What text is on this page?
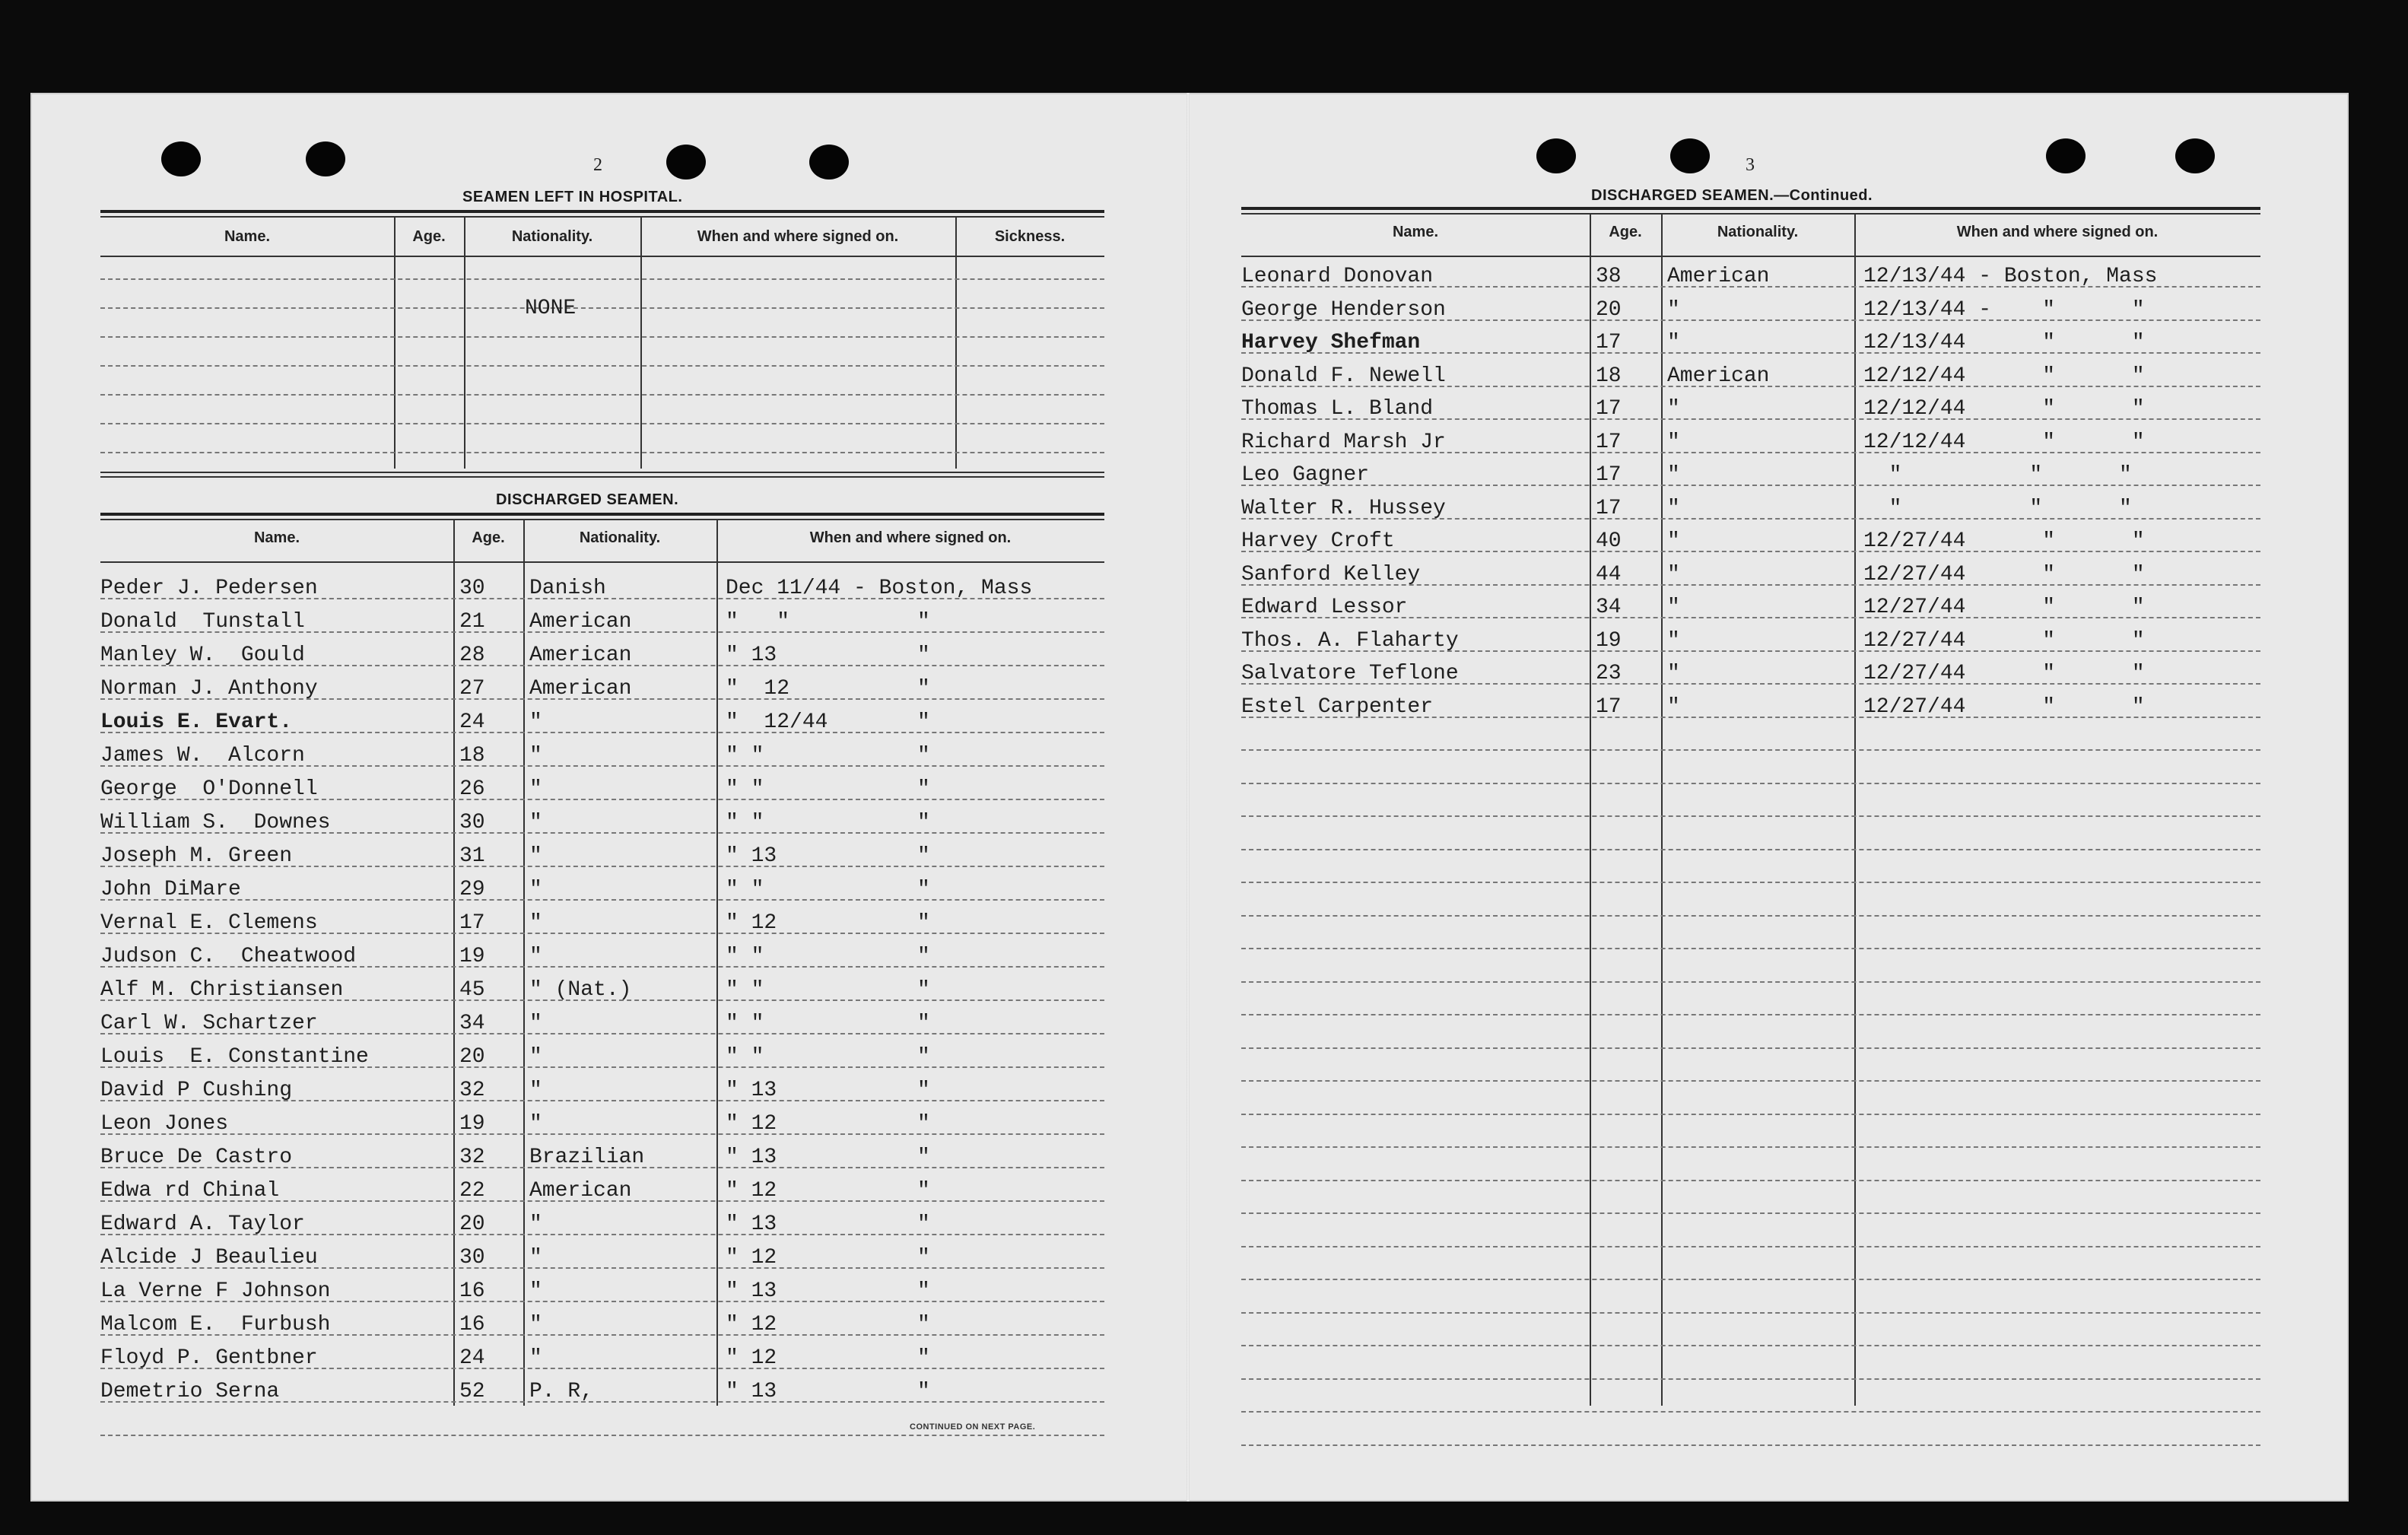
2
SEAMEN LEFT IN HOSPITAL.
Name.	Age.	Nationality.	When and where signed on.	Sickness.
NONE
DISCHARGED SEAMEN.
Name.	Age.	Nationality.	When and where signed on.
Peder J. Pedersen	30 Danish	Dec 11/44 - Boston, Mass
Donald  Tunstall	21 American	"   "          "
Manley W.  Gould	28 American	" 13           "
Norman J. Anthony	27 American	"  12          "
Louis E. Evart.	24 "	"  12/44       "
James W.  Alcorn	18 "	" "            "
George  O'Donnell	26 "	" "            "
William S.  Downes	30 "	" "            "
Joseph M. Green	31 "	" 13           "
John DiMare	29 "	" "            "
Vernal E. Clemens	17 "	" 12           "
Judson C.  Cheatwood	19 "	" "            "
Alf M. Christiansen	45 " (Nat.)	" "            "
Carl W. Schartzer	34 "	" "            "
Louis  E. Constantine	20 "	" "            "
David P Cushing	32 "	" 13           "
Leon Jones	19 "	" 12           "
Bruce De Castro	32 Brazilian	" 13           "
Edwa rd Chinal	22 American	" 12           "
Edward A. Taylor	20 "	" 13           "
Alcide J Beaulieu	30 "	" 12           "
La Verne F Johnson	16 "	" 13           "
Malcom E.  Furbush	16 "	" 12           "
Floyd P. Gentbner	24 "	" 12           "
Demetrio Serna	52 P. R,	" 13           "
CONTINUED ON NEXT PAGE.
3
DISCHARGED SEAMEN.—Continued.
Name.	Age.	Nationality.	When and where signed on.
Leonard Donovan	38 American	12/13/44 - Boston, Mass
George Henderson	20 "	12/13/44 -    "      "
Harvey Shefman	17 "	12/13/44      "      "
Donald F. Newell	18 American	12/12/44      "      "
Thomas L. Bland	17 "	12/12/44      "      "
Richard Marsh Jr	17 "	12/12/44      "      "
Leo Gagner	17 "	"          "      "
Walter R. Hussey	17 "	"          "      "
Harvey Croft	40 "	12/27/44      "      "
Sanford Kelley	44 "	12/27/44      "      "
Edward Lessor	34 "	12/27/44      "      "
Thos. A. Flaharty	19 "	12/27/44      "      "
Salvatore Teflone	23 "	12/27/44      "      "
Estel Carpenter	17 "	12/27/44      "      "
